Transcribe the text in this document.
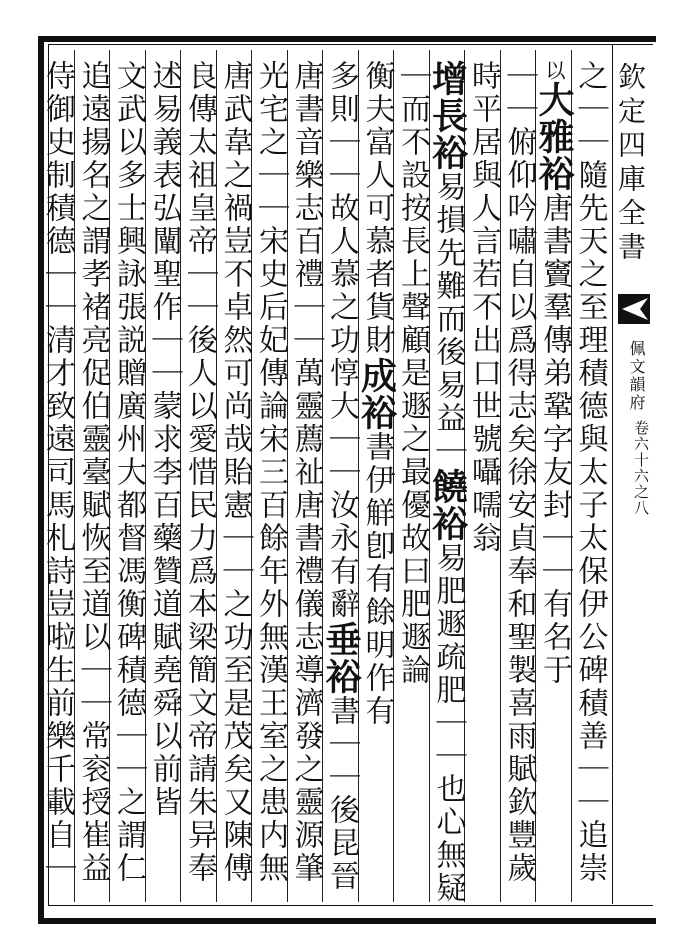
欽定四庫全書
佩文韻府
卷六十六之八
之｜｜隨先天之至理積德與太子太保伊公碑積善｜｜追崇
以大雅裕唐書竇羣傳弟鞏字友封｜｜有名于
｜｜俯仰吟嘯自以爲得志矣徐安貞奉和聖製喜雨賦欽豐歲
時平居與人言若不出口世號囁嚅翁
增長裕易損先難而後易益｜饒裕易肥遯疏肥｜｜也心無疑
｜而不設按長上聲顧是遯之最優故曰肥遯論
衡夫富人可慕者貨財成裕書伊觧卽有餘明作有
多則｜｜故人慕之功惇大｜｜汝永有辭垂裕書｜｜後昆晉
唐書音樂志百禮｜｜萬靈薦祉唐書禮儀志導濟發之靈源肇
光宅之｜｜宋史后妃傳論宋三百餘年外無漢王室之患内無
唐武韋之禍豈不卓然可尚哉貽憲｜｜之功至是茂矣又陳傅
良傳太祖皇帝｜｜後人以愛惜民力爲本梁簡文帝請朱异奉
述易義表弘闡聖作｜｜蒙求李百藥贊道賦堯舜以前皆
文武以多士興詠張説贈廣州大都督馮衡碑積德｜｜之謂仁
追遠揚名之謂孝褚亮促伯靈臺賦恢至道以｜｜常衮授崔益
侍御史制積德｜｜清才致遠司馬札詩豈啦生前樂千載自｜
